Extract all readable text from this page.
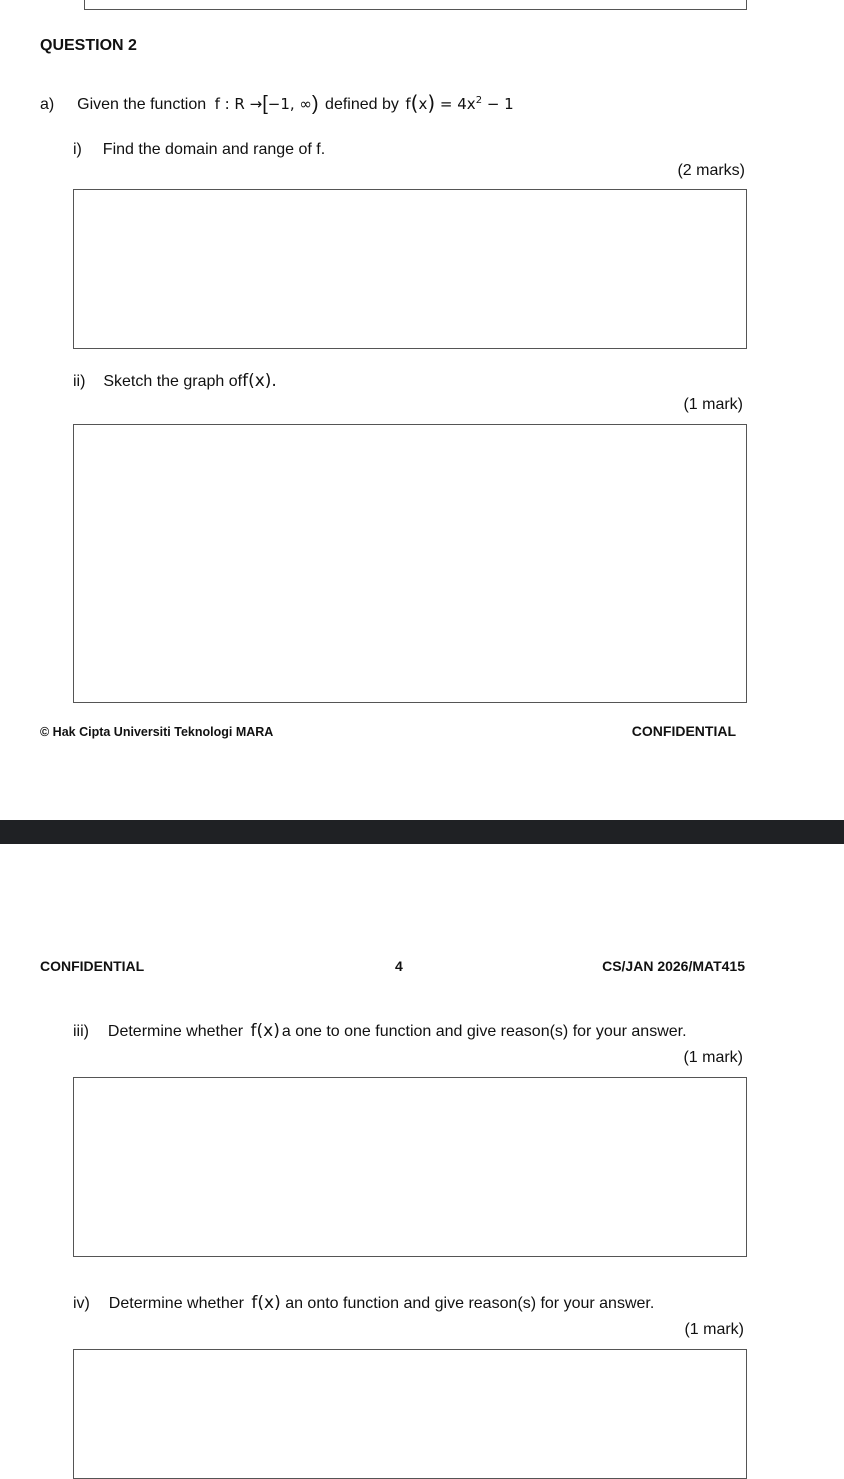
QUESTION 2
a) Given the function f : R →[−1, ∞) defined by $f(x) = 4x^2 - 1$
i) Find the domain and range of f.
(2 marks)
ii) Sketch the graph off(x).
(1 mark)
© Hak Cipta Universiti Teknologi MARA	CONFIDENTIAL
CONFIDENTIAL	4	CS/JAN 2026/MAT415
iii) Determine whether f(x) a one to one function and give reason(s) for your answer.
(1 mark)
iv) Determine whether f(x) an onto function and give reason(s) for your answer.
(1 mark)
